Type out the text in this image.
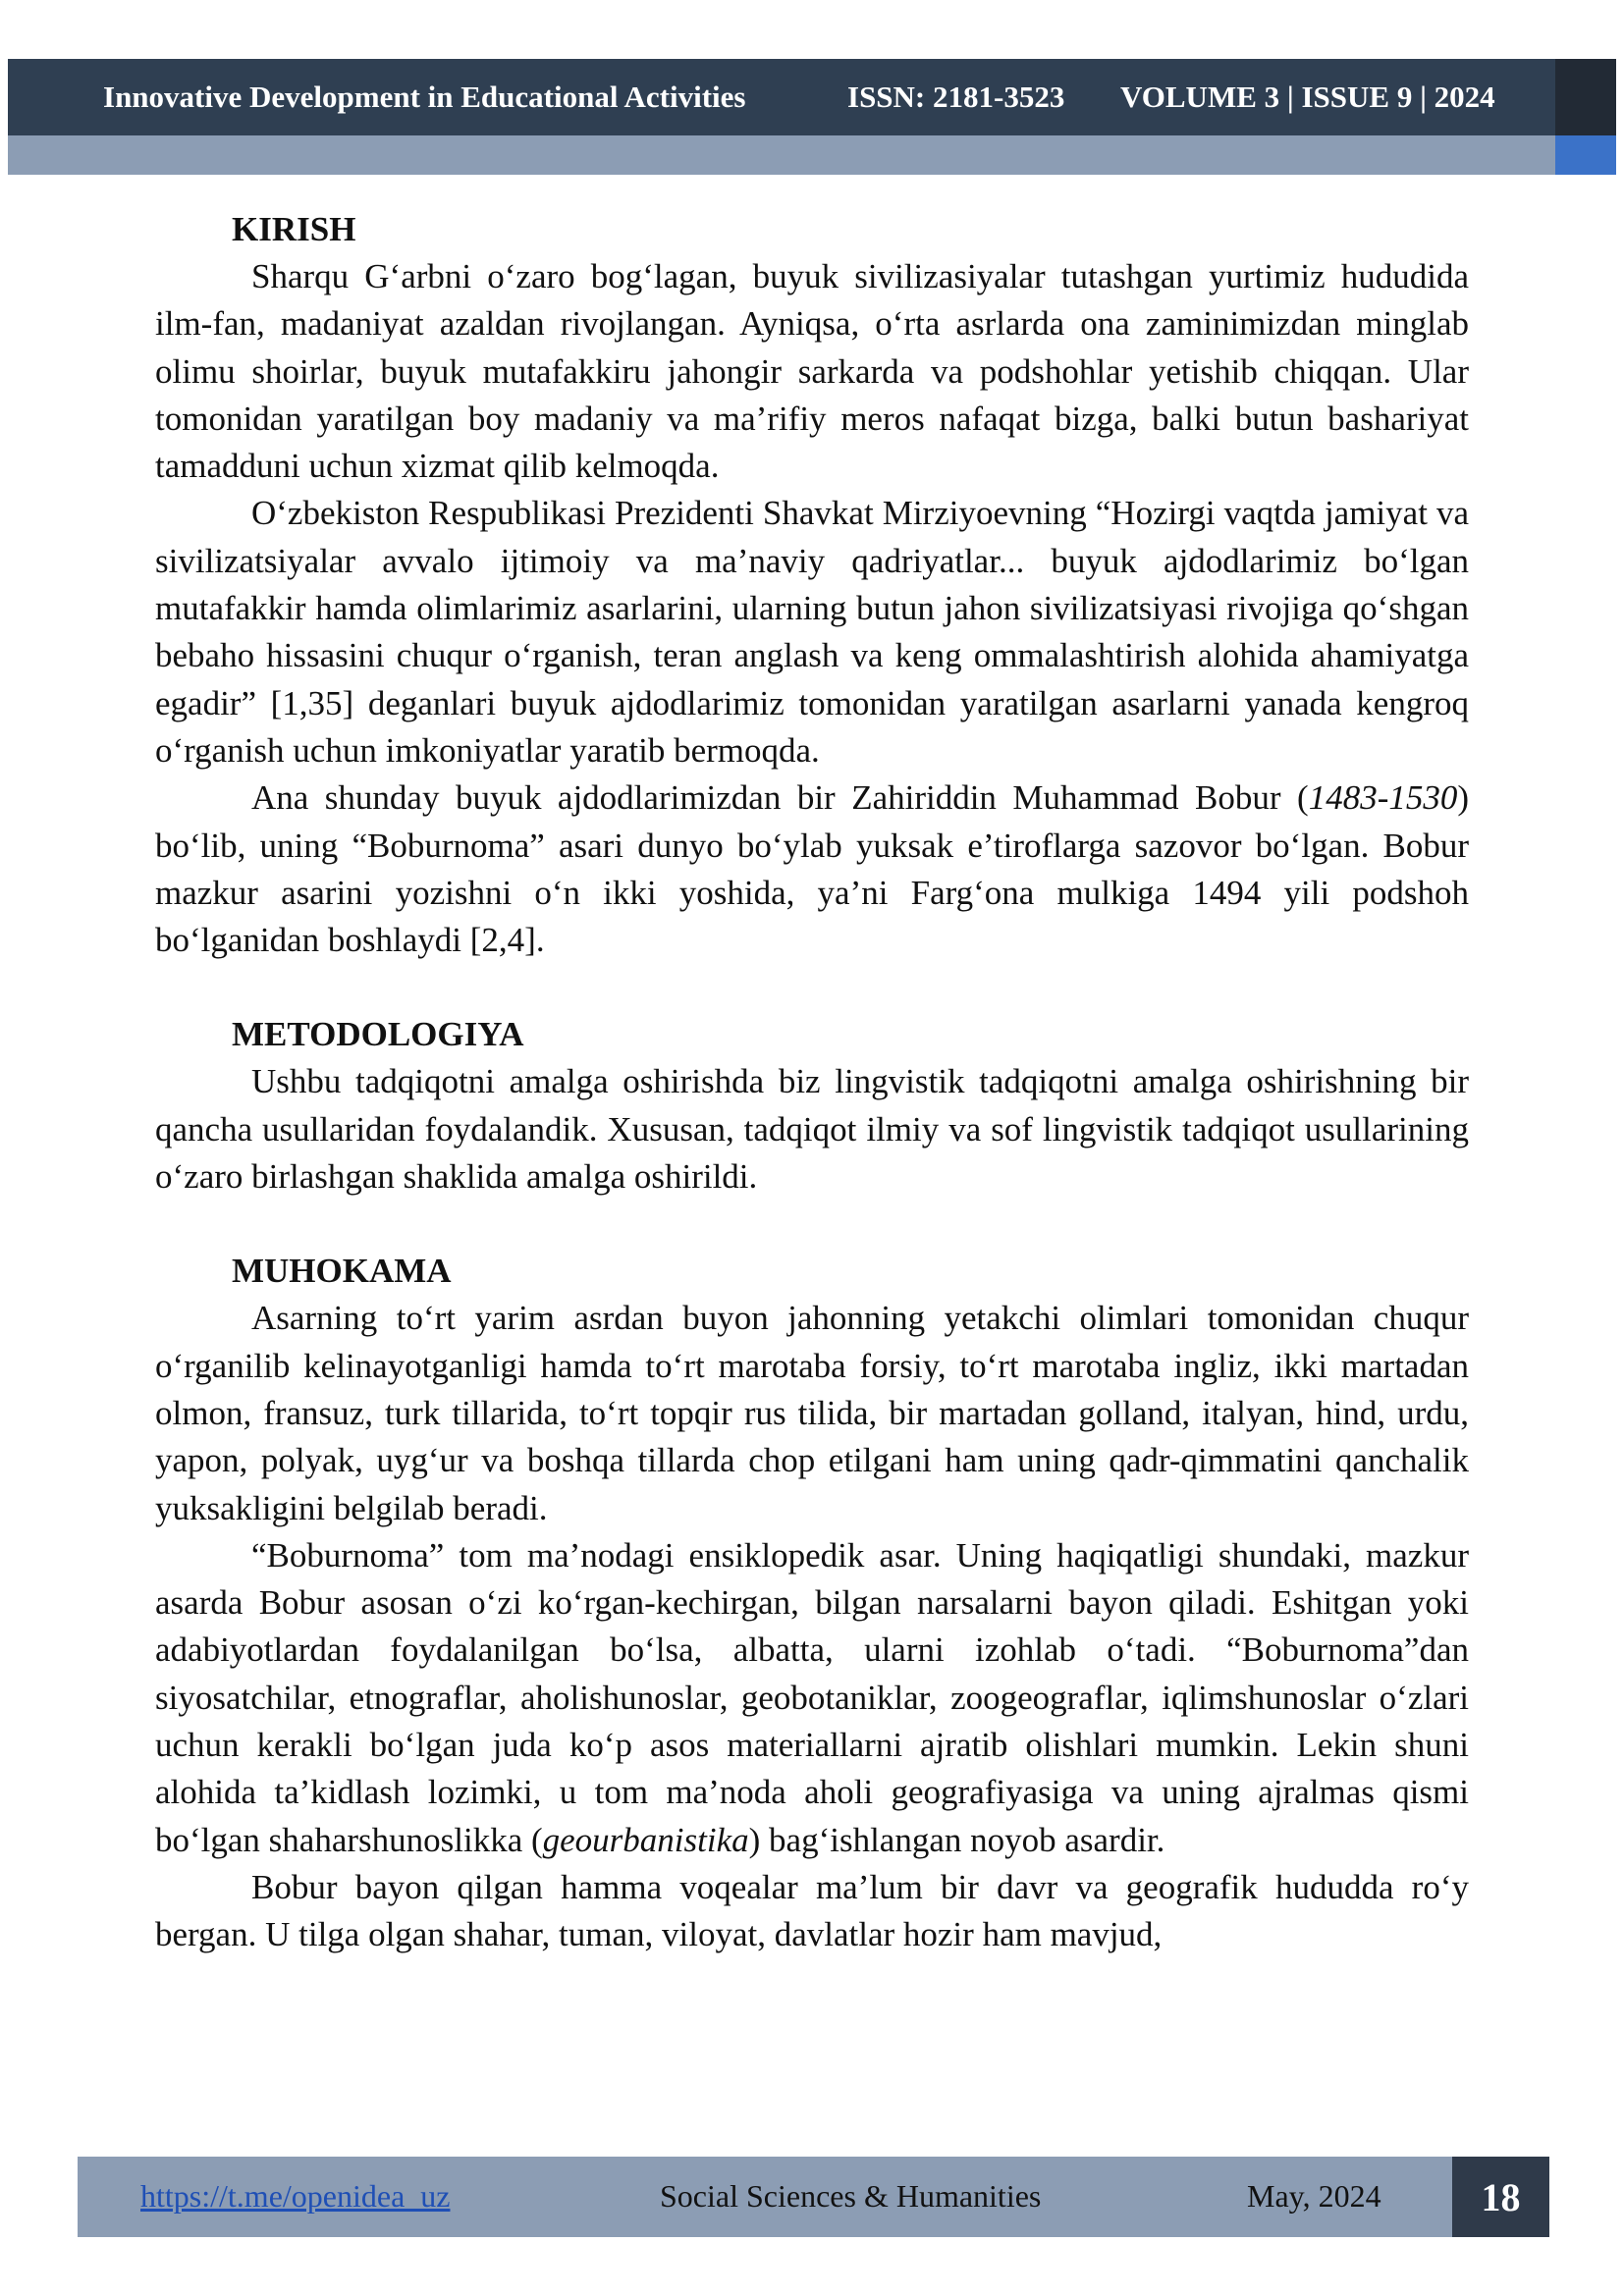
Innovative Development in Educational Activities	ISSN: 2181-3523 VOLUME 3 | ISSUE 9 | 2024

KIRISH

Sharqu G‘arbni o‘zaro bog‘lagan, buyuk sivilizasiyalar tutashgan yurtimiz hududida ilm-fan, madaniyat azaldan rivojlangan. Ayniqsa, o‘rta asrlarda ona zaminimizdan minglab olimu shoirlar, buyuk mutafakkiru jahongir sarkarda va podshohlar yetishib chiqqan. Ular tomonidan yaratilgan boy madaniy va ma’rifiy meros nafaqat bizga, balki butun bashariyat tamadduni uchun xizmat qilib kelmoqda.

O‘zbekiston Respublikasi Prezidenti Shavkat Mirziyoevning “Hozirgi vaqtda jamiyat va sivilizatsiyalar avvalo ijtimoiy va ma’naviy qadriyatlar... buyuk ajdodlarimiz bo‘lgan mutafakkir hamda olimlarimiz asarlarini, ularning butun jahon sivilizatsiyasi rivojiga qo‘shgan bebaho hissasini chuqur o‘rganish, teran anglash va keng ommalashtirish alohida ahamiyatga egadir” [1,35] deganlari buyuk ajdodlarimiz tomonidan yaratilgan asarlarni yanada kengroq o‘rganish uchun imkoniyatlar yaratib bermoqda.

Ana shunday buyuk ajdodlarimizdan bir Zahiriddin Muhammad Bobur (1483-1530) bo‘lib, uning “Boburnoma” asari dunyo bo‘ylab yuksak e’tiroflarga sazovor bo‘lgan. Bobur mazkur asarini yozishni o‘n ikki yoshida, ya’ni Farg‘ona mulkiga 1494 yili podshoh bo‘lganidan boshlaydi [2,4].

METODOLOGIYA

Ushbu tadqiqotni amalga oshirishda biz lingvistik tadqiqotni amalga oshirishning bir qancha usullaridan foydalandik. Xususan, tadqiqot ilmiy va sof lingvistik tadqiqot usullarining o‘zaro birlashgan shaklida amalga oshirildi.

MUHOKAMA

Asarning to‘rt yarim asrdan buyon jahonning yetakchi olimlari tomonidan chuqur o‘rganilib kelinayotganligi hamda to‘rt marotaba forsiy, to‘rt marotaba ingliz, ikki martadan olmon, fransuz, turk tillarida, to‘rt topqir rus tilida, bir martadan golland, italyan, hind, urdu, yapon, polyak, uyg‘ur va boshqa tillarda chop etilgani ham uning qadr-qimmatini qanchalik yuksakligini belgilab beradi.

“Boburnoma” tom ma’nodagi ensiklopedik asar. Uning haqiqatligi shundaki, mazkur asarda Bobur asosan o‘zi ko‘rgan-kechirgan, bilgan narsalarni bayon qiladi. Eshitgan yoki adabiyotlardan foydalanilgan bo‘lsa, albatta, ularni izohlab o‘tadi. “Boburnoma”dan siyosatchilar, etnograflar, aholishunoslar, geobotaniklar, zoogeograflar, iqlimshunoslar o‘zlari uchun kerakli bo‘lgan juda ko‘p asos materiallarni ajratib olishlari mumkin. Lekin shuni alohida ta’kidlash lozimki, u tom ma’noda aholi geografiyasiga va uning ajralmas qismi bo‘lgan shaharshunoslikka (geourbanistika) bag‘ishlangan noyob asardir.

Bobur bayon qilgan hamma voqealar ma’lum bir davr va geografik hududda ro‘y bergan. U tilga olgan shahar, tuman, viloyat, davlatlar hozir ham mavjud,

https://t.me/openidea_uz	Social Sciences & Humanities	May, 2024	18
